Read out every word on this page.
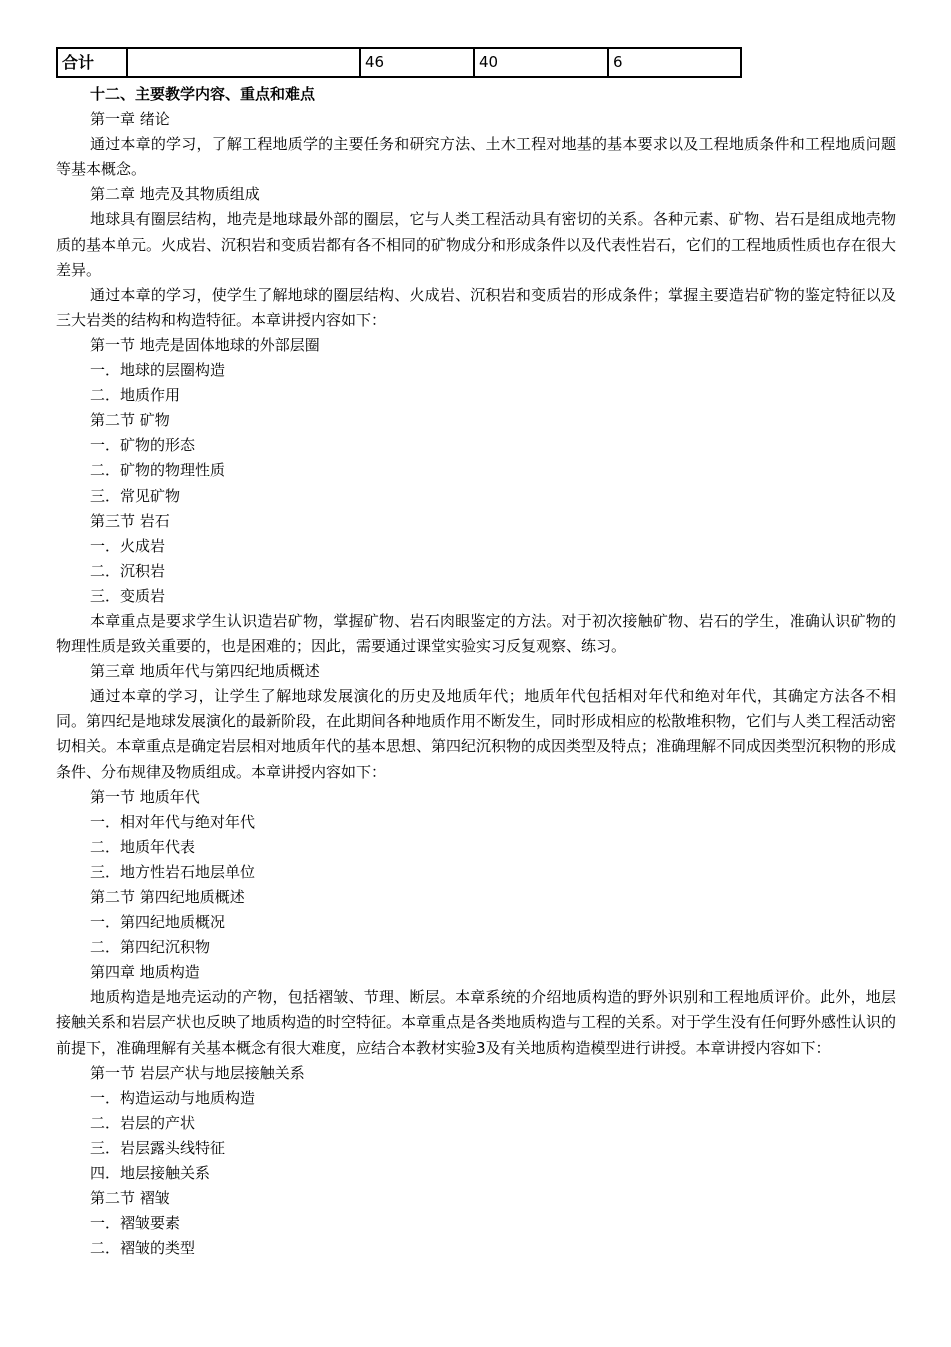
合计		46	40	6
十二、主要教学内容、重点和难点
第一章 绪论

通过本章的学习，了解工程地质学的主要任务和研究方法、土木工程对地基的基本要求以及工程地质条件和工程地质问题等基本概念。

第二章 地壳及其物质组成

地球具有圈层结构，地壳是地球最外部的圈层，它与人类工程活动具有密切的关系。各种元素、矿物、岩石是组成地壳物质的基本单元。火成岩、沉积岩和变质岩都有各不相同的矿物成分和形成条件以及代表性岩石，它们的工程地质性质也存在很大差异。

通过本章的学习，使学生了解地球的圈层结构、火成岩、沉积岩和变质岩的形成条件；掌握主要造岩矿物的鉴定特征以及三大岩类的结构和构造特征。本章讲授内容如下：

第一节 地壳是固体地球的外部层圈
一．地球的层圈构造
二．地质作用
第二节 矿物
一．矿物的形态
二．矿物的物理性质
三．常见矿物
第三节 岩石
一．火成岩
二．沉积岩
三．变质岩

本章重点是要求学生认识造岩矿物，掌握矿物、岩石肉眼鉴定的方法。对于初次接触矿物、岩石的学生，准确认识矿物的物理性质是致关重要的，也是困难的；因此，需要通过课堂实验实习反复观察、练习。

第三章 地质年代与第四纪地质概述

通过本章的学习，让学生了解地球发展演化的历史及地质年代；地质年代包括相对年代和绝对年代，其确定方法各不相同。第四纪是地球发展演化的最新阶段，在此期间各种地质作用不断发生，同时形成相应的松散堆积物，它们与人类工程活动密切相关。本章重点是确定岩层相对地质年代的基本思想、第四纪沉积物的成因类型及特点；准确理解不同成因类型沉积物的形成条件、分布规律及物质组成。本章讲授内容如下：

第一节 地质年代
一．相对年代与绝对年代
二．地质年代表
三．地方性岩石地层单位
第二节 第四纪地质概述
一．第四纪地质概况
二．第四纪沉积物
第四章 地质构造

地质构造是地壳运动的产物，包括褶皱、节理、断层。本章系统的介绍地质构造的野外识别和工程地质评价。此外，地层接触关系和岩层产状也反映了地质构造的时空特征。本章重点是各类地质构造与工程的关系。对于学生没有任何野外感性认识的前提下，准确理解有关基本概念有很大难度，应结合本教材实验3及有关地质构造模型进行讲授。本章讲授内容如下：

第一节 岩层产状与地层接触关系
一．构造运动与地质构造
二．岩层的产状
三．岩层露头线特征
四．地层接触关系
第二节 褶皱
一．褶皱要素
二．褶皱的类型
